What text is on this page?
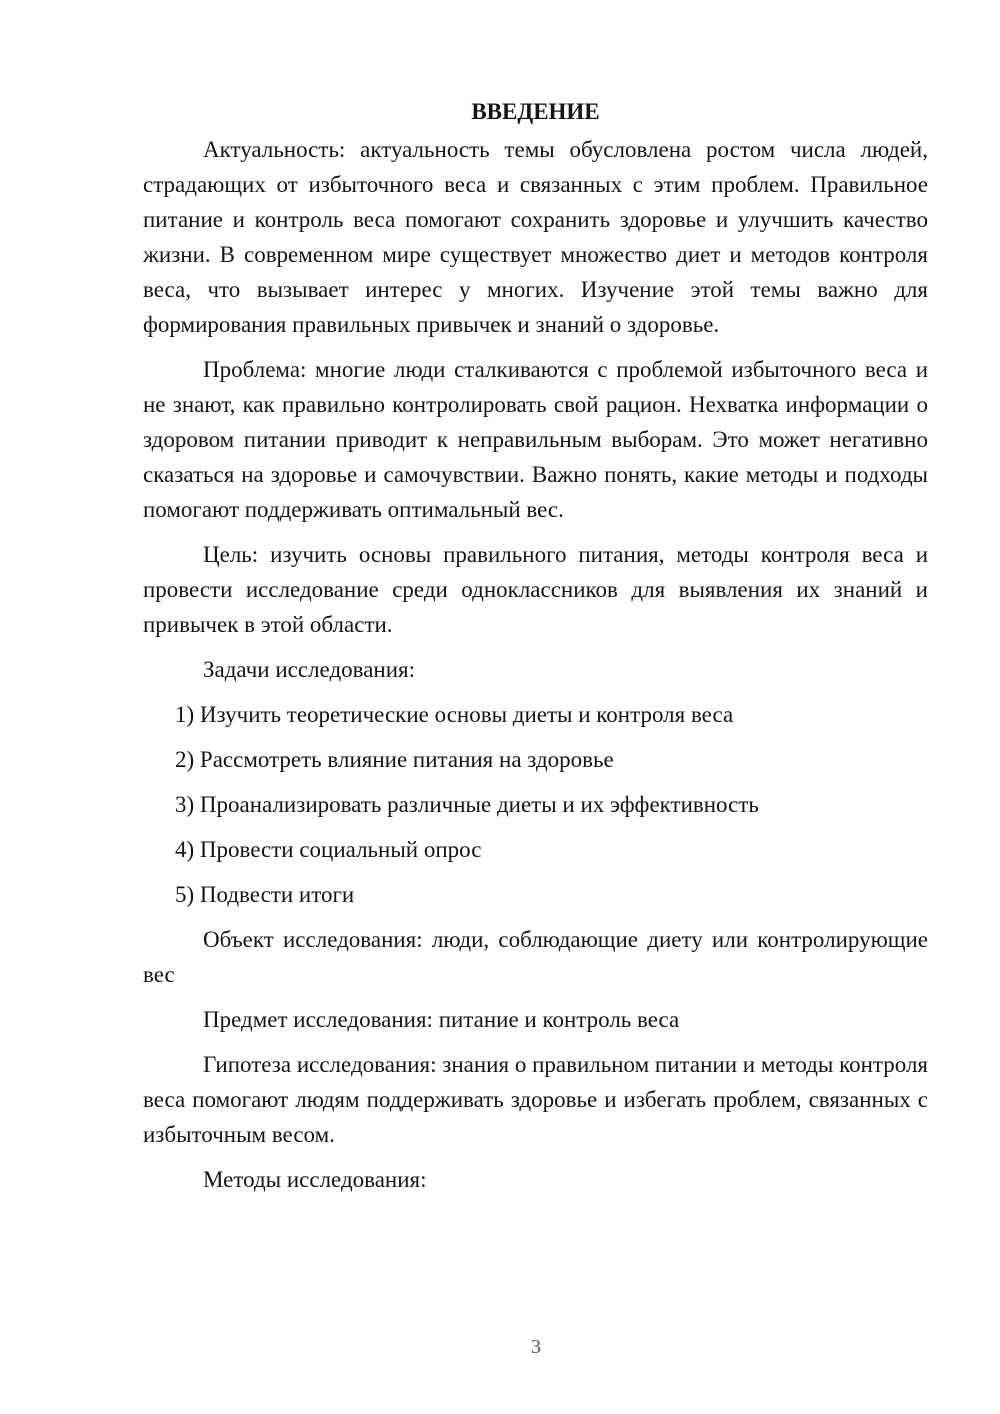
ВВЕДЕНИЕ

Актуальность: актуальность темы обусловлена ростом числа людей, страдающих от избыточного веса и связанных с этим проблем. Правильное питание и контроль веса помогают сохранить здоровье и улучшить качество жизни. В современном мире существует множество диет и методов контроля веса, что вызывает интерес у многих. Изучение этой темы важно для формирования правильных привычек и знаний о здоровье.

Проблема: многие люди сталкиваются с проблемой избыточного веса и не знают, как правильно контролировать свой рацион. Нехватка информации о здоровом питании приводит к неправильным выборам. Это может негативно сказаться на здоровье и самочувствии. Важно понять, какие методы и подходы помогают поддерживать оптимальный вес.

Цель: изучить основы правильного питания, методы контроля веса и провести исследование среди одноклассников для выявления их знаний и привычек в этой области.

Задачи исследования:

1) Изучить теоретические основы диеты и контроля веса

2) Рассмотреть влияние питания на здоровье

3) Проанализировать различные диеты и их эффективность

4) Провести социальный опрос

5) Подвести итоги

Объект исследования: люди, соблюдающие диету или контролирующие вес

Предмет исследования: питание и контроль веса

Гипотеза исследования: знания о правильном питании и методы контроля веса помогают людям поддерживать здоровье и избегать проблем, связанных с избыточным весом.

Методы исследования:

3
